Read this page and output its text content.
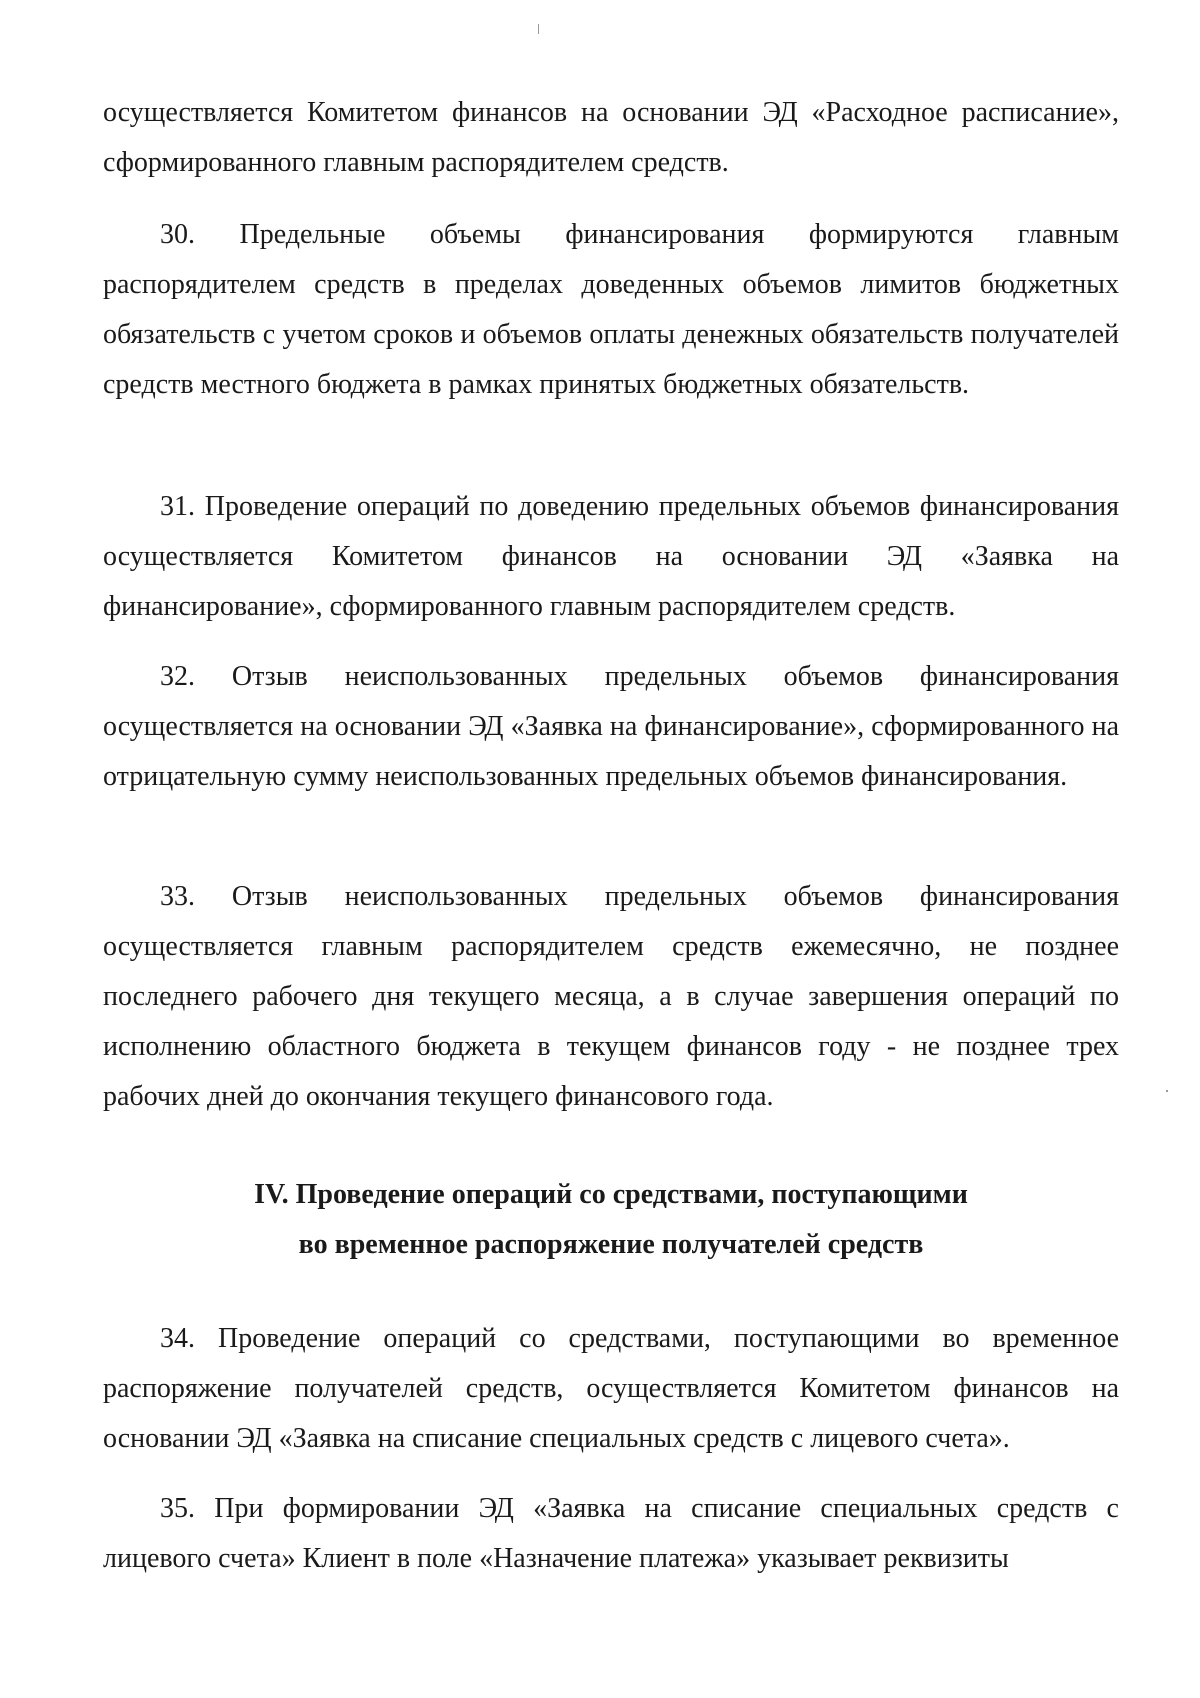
осуществляется Комитетом финансов на основании ЭД «Расходное расписание», сформированного главным распорядителем средств.

30. Предельные объемы финансирования формируются главным распорядителем средств в пределах доведенных объемов лимитов бюджетных обязательств с учетом сроков и объемов оплаты денежных обязательств получателей средств местного бюджета в рамках принятых бюджетных обязательств.

31. Проведение операций по доведению предельных объемов финансирования осуществляется Комитетом финансов на основании ЭД «Заявка на финансирование», сформированного главным распорядителем средств.

32. Отзыв неиспользованных предельных объемов финансирования осуществляется на основании ЭД «Заявка на финансирование», сформированного на отрицательную сумму неиспользованных предельных объемов финансирования.

33. Отзыв неиспользованных предельных объемов финансирования осуществляется главным распорядителем средств ежемесячно, не позднее последнего рабочего дня текущего месяца, а в случае завершения операций по исполнению областного бюджета в текущем финансов году - не позднее трех рабочих дней до окончания текущего финансового года.

IV. Проведение операций со средствами, поступающими
во временное распоряжение получателей средств

34. Проведение операций со средствами, поступающими во временное распоряжение получателей средств, осуществляется Комитетом финансов на основании ЭД «Заявка на списание специальных средств с лицевого счета».

35. При формировании ЭД «Заявка на списание специальных средств с лицевого счета» Клиент в поле «Назначение платежа» указывает реквизиты
